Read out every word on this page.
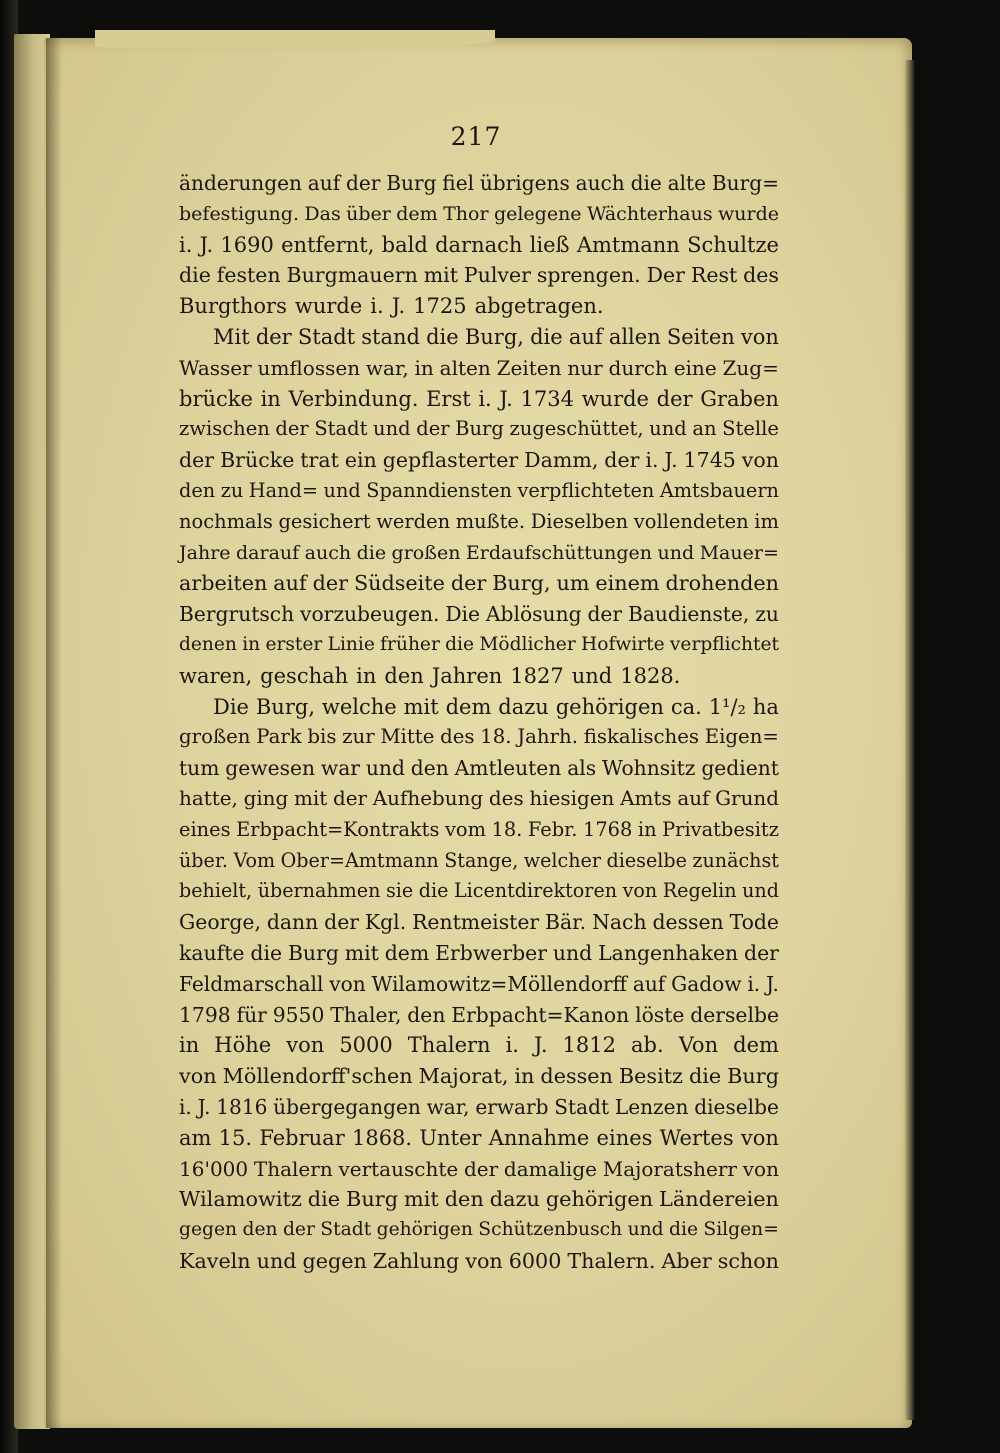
217
änderungen auf der Burg fiel übrigens auch die alte Burg=
befestigung. Das über dem Thor gelegene Wächterhaus wurde
i. J. 1690 entfernt, bald darnach ließ Amtmann Schultze
die festen Burgmauern mit Pulver sprengen. Der Rest des
Burgthors wurde i. J. 1725 abgetragen.
Mit der Stadt stand die Burg, die auf allen Seiten von
Wasser umflossen war, in alten Zeiten nur durch eine Zug=
brücke in Verbindung. Erst i. J. 1734 wurde der Graben
zwischen der Stadt und der Burg zugeschüttet, und an Stelle
der Brücke trat ein gepflasterter Damm, der i. J. 1745 von
den zu Hand= und Spanndiensten verpflichteten Amtsbauern
nochmals gesichert werden mußte. Dieselben vollendeten im
Jahre darauf auch die großen Erdaufschüttungen und Mauer=
arbeiten auf der Südseite der Burg, um einem drohenden
Bergrutsch vorzubeugen. Die Ablösung der Baudienste, zu
denen in erster Linie früher die Mödlicher Hofwirte verpflichtet
waren, geschah in den Jahren 1827 und 1828.
Die Burg, welche mit dem dazu gehörigen ca. 1¹/₂ ha
großen Park bis zur Mitte des 18. Jahrh. fiskalisches Eigen=
tum gewesen war und den Amtleuten als Wohnsitz gedient
hatte, ging mit der Aufhebung des hiesigen Amts auf Grund
eines Erbpacht=Kontrakts vom 18. Febr. 1768 in Privatbesitz
über. Vom Ober=Amtmann Stange, welcher dieselbe zunächst
behielt, übernahmen sie die Licentdirektoren von Regelin und
George, dann der Kgl. Rentmeister Bär. Nach dessen Tode
kaufte die Burg mit dem Erbwerber und Langenhaken der
Feldmarschall von Wilamowitz=Möllendorff auf Gadow i. J.
1798 für 9550 Thaler, den Erbpacht=Kanon löste derselbe
in Höhe von 5000 Thalern i. J. 1812 ab. Von dem
von Möllendorff'schen Majorat, in dessen Besitz die Burg
i. J. 1816 übergegangen war, erwarb Stadt Lenzen dieselbe
am 15. Februar 1868. Unter Annahme eines Wertes von
16'000 Thalern vertauschte der damalige Majoratsherr von
Wilamowitz die Burg mit den dazu gehörigen Ländereien
gegen den der Stadt gehörigen Schützenbusch und die Silgen=
Kaveln und gegen Zahlung von 6000 Thalern. Aber schon
